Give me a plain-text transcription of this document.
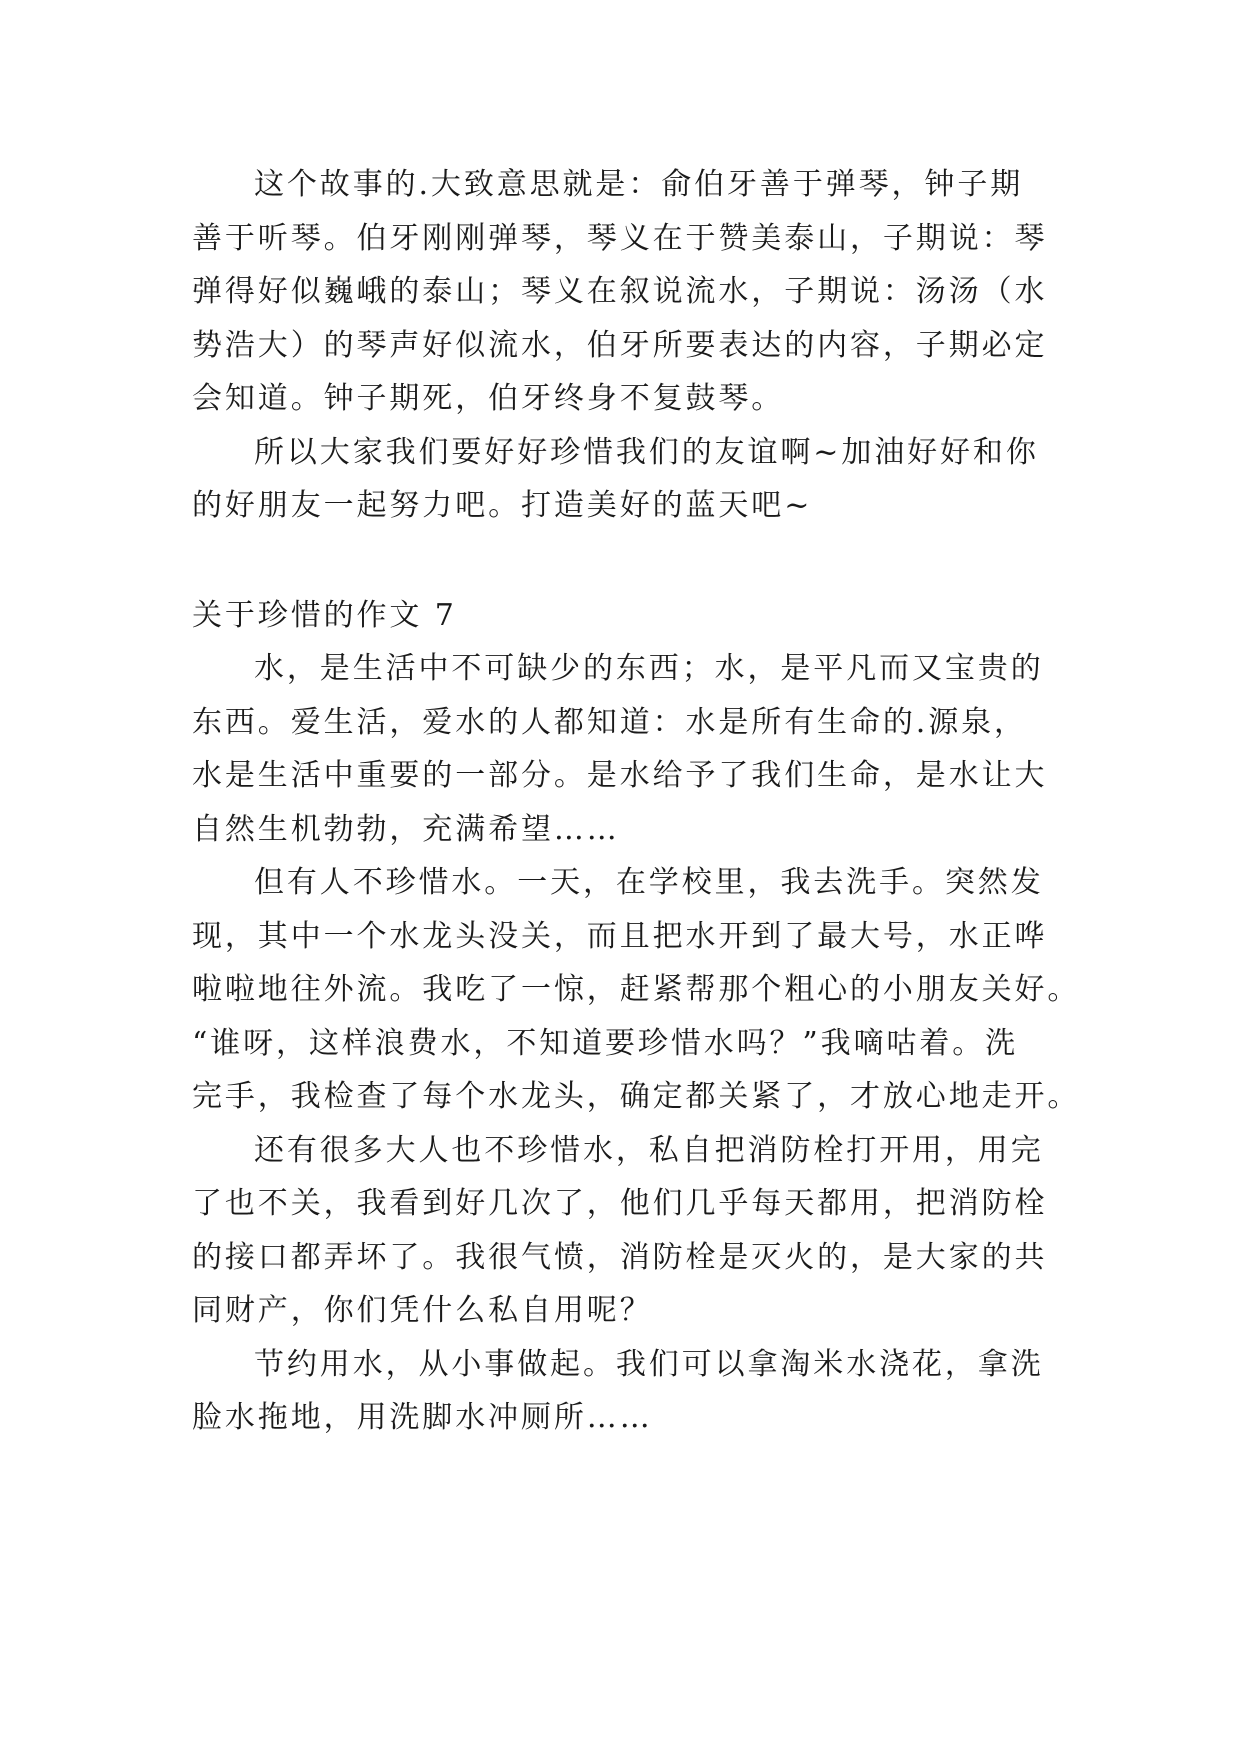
这个故事的.大致意思就是：俞伯牙善于弹琴，钟子期
善于听琴。伯牙刚刚弹琴，琴义在于赞美泰山，子期说：琴
弹得好似巍峨的泰山；琴义在叙说流水，子期说：汤汤（水
势浩大）的琴声好似流水，伯牙所要表达的内容，子期必定
会知道。钟子期死，伯牙终身不复鼓琴。

所以大家我们要好好珍惜我们的友谊啊~加油好好和你
的好朋友一起努力吧。打造美好的蓝天吧~

关于珍惜的作文 7

水，是生活中不可缺少的东西；水，是平凡而又宝贵的
东西。爱生活，爱水的人都知道：水是所有生命的.源泉，
水是生活中重要的一部分。是水给予了我们生命，是水让大
自然生机勃勃，充满希望……

但有人不珍惜水。一天，在学校里，我去洗手。突然发
现，其中一个水龙头没关，而且把水开到了最大号，水正哗
啦啦地往外流。我吃了一惊，赶紧帮那个粗心的小朋友关好。
“谁呀，这样浪费水，不知道要珍惜水吗？”我嘀咕着。洗
完手，我检查了每个水龙头，确定都关紧了，才放心地走开。

还有很多大人也不珍惜水，私自把消防栓打开用，用完
了也不关，我看到好几次了，他们几乎每天都用，把消防栓
的接口都弄坏了。我很气愤，消防栓是灭火的，是大家的共
同财产，你们凭什么私自用呢？

节约用水，从小事做起。我们可以拿淘米水浇花，拿洗
脸水拖地，用洗脚水冲厕所……
